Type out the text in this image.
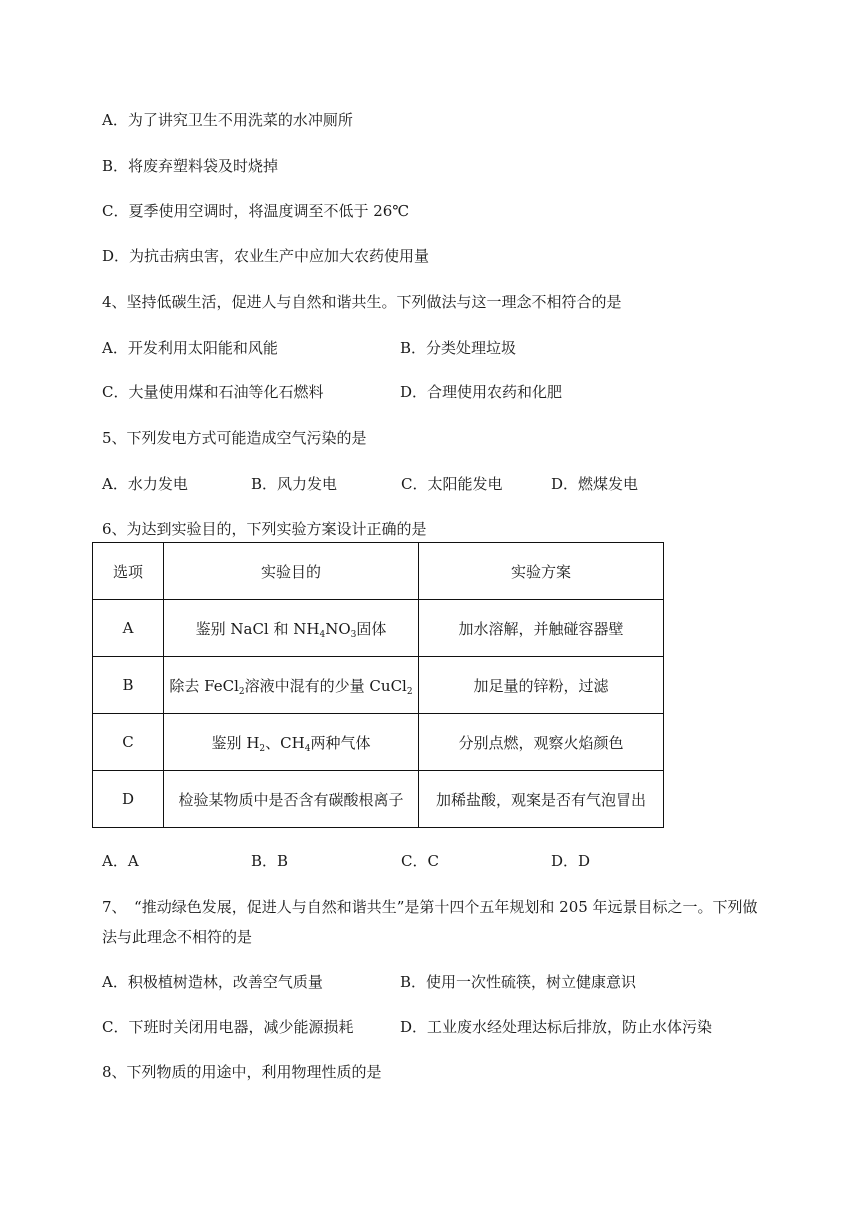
A．为了讲究卫生不用洗菜的水冲厕所
B．将废弃塑料袋及时烧掉
C．夏季使用空调时，将温度调至不低于 26℃
D．为抗击病虫害，农业生产中应加大农药使用量
4、坚持低碳生活，促进人与自然和谐共生。下列做法与这一理念不相符合的是
A．开发利用太阳能和风能	B．分类处理垃圾
C．大量使用煤和石油等化石燃料	D．合理使用农药和化肥
5、下列发电方式可能造成空气污染的是
A．水力发电	B．风力发电	C．太阳能发电	D．燃煤发电
6、为达到实验目的，下列实验方案设计正确的是
选项	实验目的	实验方案
A	鉴别 NaCl 和 $NH_4NO_3$固体	加水溶解，并触碰容器壁
B	除去 FeCl$_2$溶液中混有的少量 CuCl$_2$	加足量的锌粉，过滤
C	鉴别 $H_2$、$CH_4$两种气体	分别点燃，观察火焰颜色
D	检验某物质中是否含有碳酸根离子	加稀盐酸，观案是否有气泡冒出
A．A	B．B	C．C	D．D
7、　“推动绿色发展，促进人与自然和谐共生”是第十四个五年规划和 205 年远景目标之一。下列做
法与此理念不相符的是
A．积极植树造林，改善空气质量	B．使用一次性硫筷，树立健康意识
C．下班时关闭用电器，减少能源损耗	D．工业废水经处理达标后排放，防止水体污染
8、下列物质的用途中，利用物理性质的是
